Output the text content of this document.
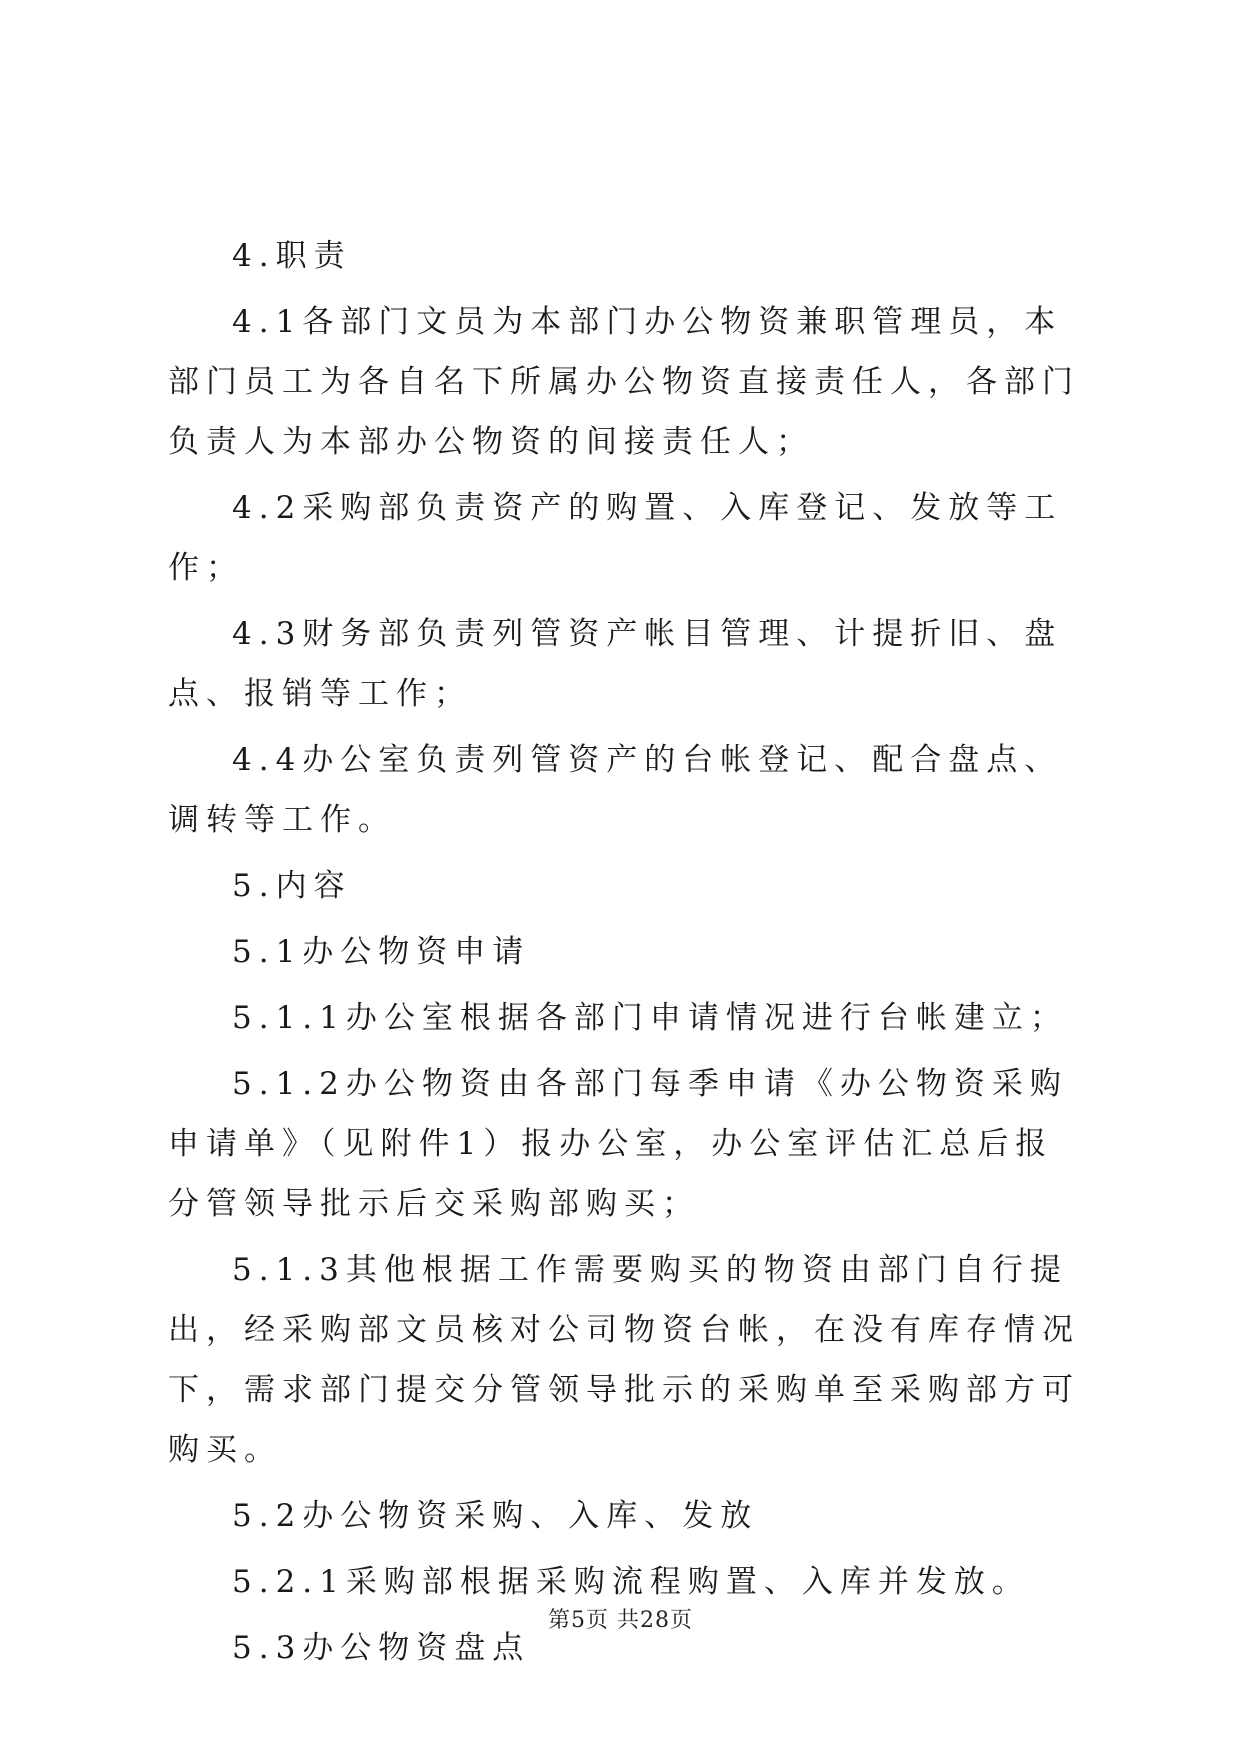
4.职责

4.1各部门文员为本部门办公物资兼职管理员，本部门员工为各自名下所属办公物资直接责任人，各部门负责人为本部办公物资的间接责任人；

4.2采购部负责资产的购置、入库登记、发放等工作；

4.3财务部负责列管资产帐目管理、计提折旧、盘点、报销等工作；

4.4办公室负责列管资产的台帐登记、配合盘点、调转等工作。

5.内容

5.1办公物资申请

5.1.1办公室根据各部门申请情况进行台帐建立；

5.1.2办公物资由各部门每季申请《办公物资采购申请单》（见附件1）报办公室，办公室评估汇总后报分管领导批示后交采购部购买；

5.1.3其他根据工作需要购买的物资由部门自行提出，经采购部文员核对公司物资台帐，在没有库存情况下，需求部门提交分管领导批示的采购单至采购部方可购买。

5.2办公物资采购、入库、发放

5.2.1采购部根据采购流程购置、入库并发放。

5.3办公物资盘点

第5页 共28页
